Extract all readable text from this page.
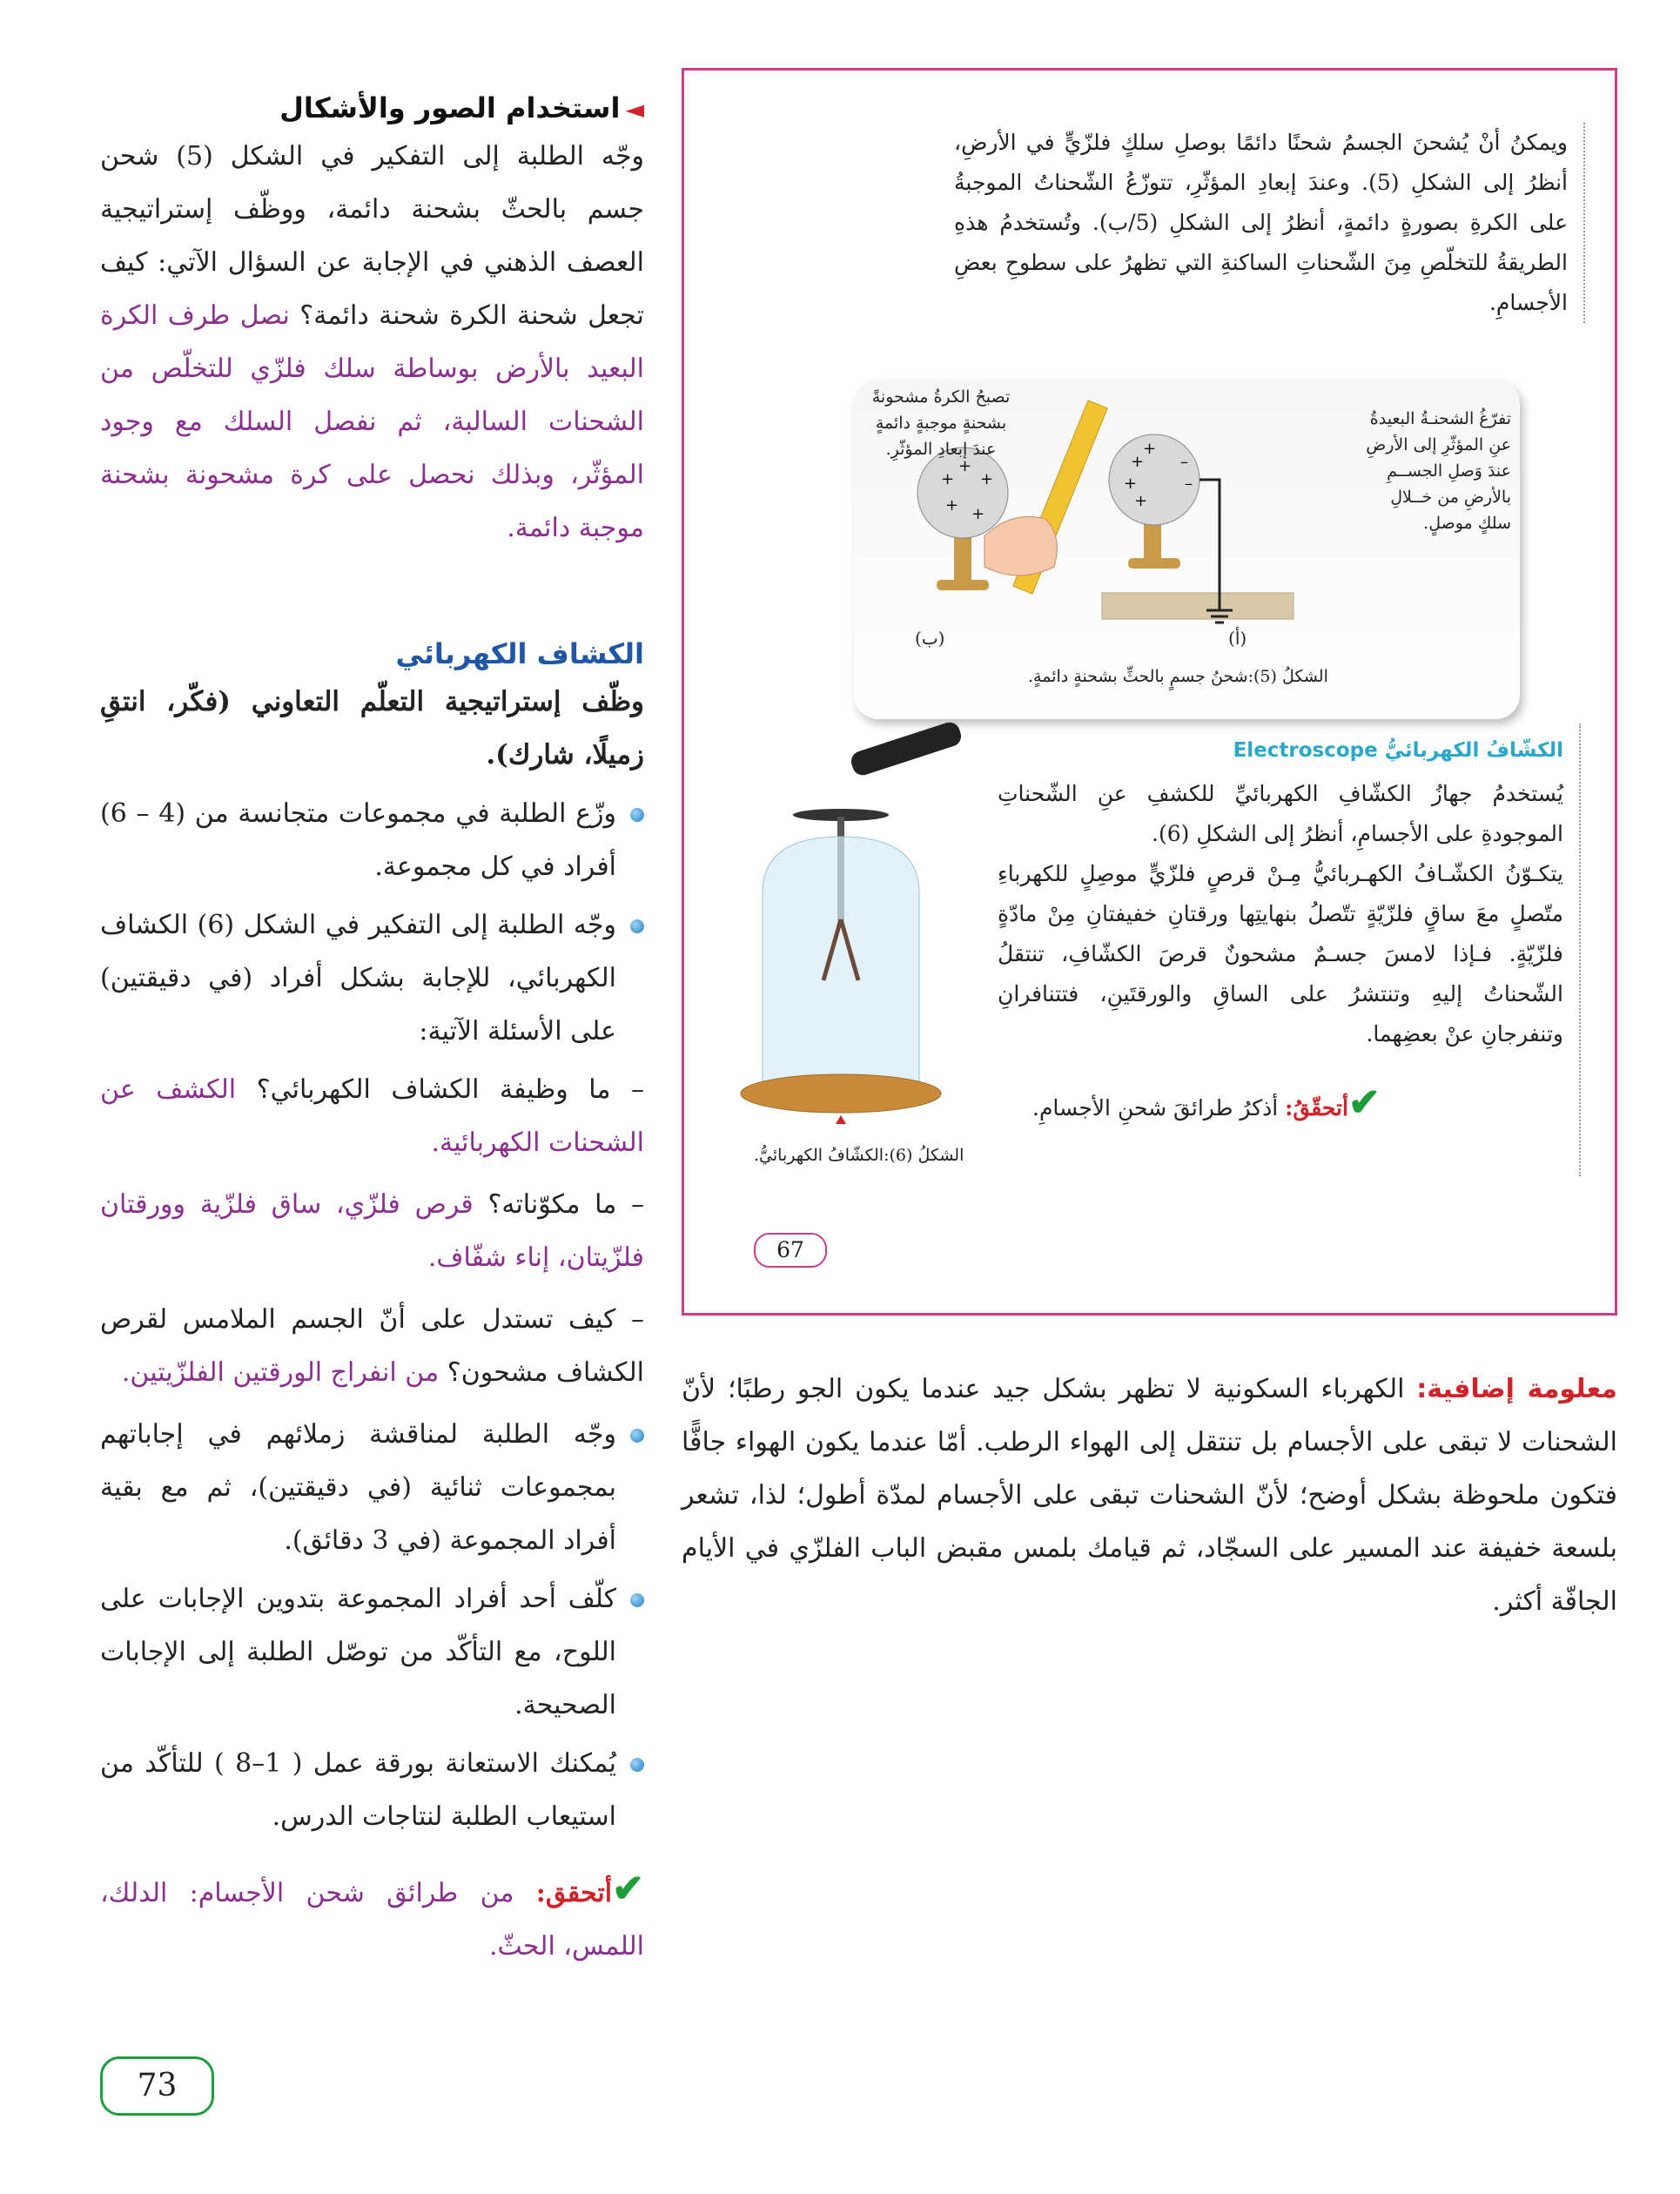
◄استخدام الصور والأشكال

وجّه الطلبة إلى التفكير في الشكل (5) شحن جسم بالحثّ بشحنة دائمة، ووظّف إستراتيجية العصف الذهني في الإجابة عن السؤال الآتي: كيف تجعل شحنة الكرة شحنة دائمة؟ نصل طرف الكرة البعيد بالأرض بوساطة سلك فلزّي للتخلّص من الشحنات السالبة، ثم نفصل السلك مع وجود المؤثّر، وبذلك نحصل على كرة مشحونة بشحنة موجبة دائمة.

الكشاف الكهربائي

وظّف إستراتيجية التعلّم التعاوني (فكّر، انتقِ زميلًا، شارك).

وزّع الطلبة في مجموعات متجانسة من (4 – 6) أفراد في كل مجموعة.
وجّه الطلبة إلى التفكير في الشكل (6) الكشاف الكهربائي، للإجابة بشكل أفراد (في دقيقتين) على الأسئلة الآتية:

– ما وظيفة الكشاف الكهربائي؟ الكشف عن الشحنات الكهربائية.

– ما مكوّناته؟ قرص فلزّي، ساق فلزّية وورقتان فلزّيتان، إناء شفّاف.

– كيف تستدل على أنّ الجسم الملامس لقرص الكشاف مشحون؟ من انفراج الورقتين الفلزّيتين.

وجّه الطلبة لمناقشة زملائهم في إجاباتهم بمجموعات ثنائية (في دقيقتين)، ثم مع بقية أفراد المجموعة (في 3 دقائق).
كلّف أحد أفراد المجموعة بتدوين الإجابات على اللوح، مع التأكّد من توصّل الطلبة إلى الإجابات الصحيحة.
يُمكنك الاستعانة بورقة عمل ( 1–8 ) للتأكّد من استيعاب الطلبة لنتاجات الدرس.

✔أتحقق: من طرائق شحن الأجسام: الدلك، اللمس، الحثّ.

ويمكنُ أنْ يُشحنَ الجسمُ شحنًا دائمًا بوصلِ سلكٍ فلزّيٍّ في الأرضِ، أنظرُ إلى الشكلِ (5). وعندَ إبعادِ المؤثّرِ، تتوزّعُ الشّحناتُ الموجبةُ على الكرةِ بصورةٍ دائمةٍ، أنظرُ إلى الشكلِ (5/ب). وتُستخدمُ هذهِ الطريقةُ للتخلّصِ مِنَ الشّحناتِ الساكنةِ التي تظهرُ على سطوحِ بعضِ الأجسامِ.
+
+
+
+
–
–
+
+
+
+ +
تفرّغُ الشحنـةُ البعيدةُ
عنِ المؤثّرِ إلى الأرضِ
عندَ وَصلِ الجســمِ
بالأرضِ من خــلالِ
سلكٍ موصلٍ.
تصبحُ الكرةُ مشحونةً
بشحنةٍ موجبةٍ دائمةٍ
عندَ إبعادِ المؤثّرِ.
(أ)
(ب)
الشكلُ (5):شحنُ جسمٍ بالحثِّ بشحنةٍ دائمةٍ.
الكشّافُ الكهربائيُّ Electroscope
يُستخدمُ جهازُ الكشّافِ الكهربائيِّ للكشفِ عنِ الشّحناتِ الموجودةِ على الأجسامِ، أنظرُ إلى الشكلِ (6).
يتكـوّنُ الكشّـافُ الكهـربائيُّ مِـنْ قرصٍ فلزّيٍّ موصِلٍ للكهرباءِ متّصلٍ معَ ساقٍ فلزّيّةٍ تتّصلُ بنهايتِها ورقتانِ خفيفتانِ مِنْ مادّةٍ فلزّيّةٍ. فـإذا لامسَ جسـمٌ مشحونٌ قرصَ الكشّافِ، تنتقلُ الشّحناتُ إليهِ وتنتشرُ على الساقِ والورقتَينِ، فتتنافرانِ وتنفرجانِ عنْ بعضِهما.
الشكلُ (6):الكشّافُ الكهربائيُّ.
✔أتحقّقُ: أذكرُ طرائقَ شحنِ الأجسامِ.
67
معلومة إضافية: الكهرباء السكونية لا تظهر بشكل جيد عندما يكون الجو رطبًا؛ لأنّ الشحنات لا تبقى على الأجسام بل تنتقل إلى الهواء الرطب. أمّا عندما يكون الهواء جافًّا فتكون ملحوظة بشكل أوضح؛ لأنّ الشحنات تبقى على الأجسام لمدّة أطول؛ لذا، تشعر بلسعة خفيفة عند المسير على السجّاد، ثم قيامك بلمس مقبض الباب الفلزّي في الأيام الجافّة أكثر.
73
